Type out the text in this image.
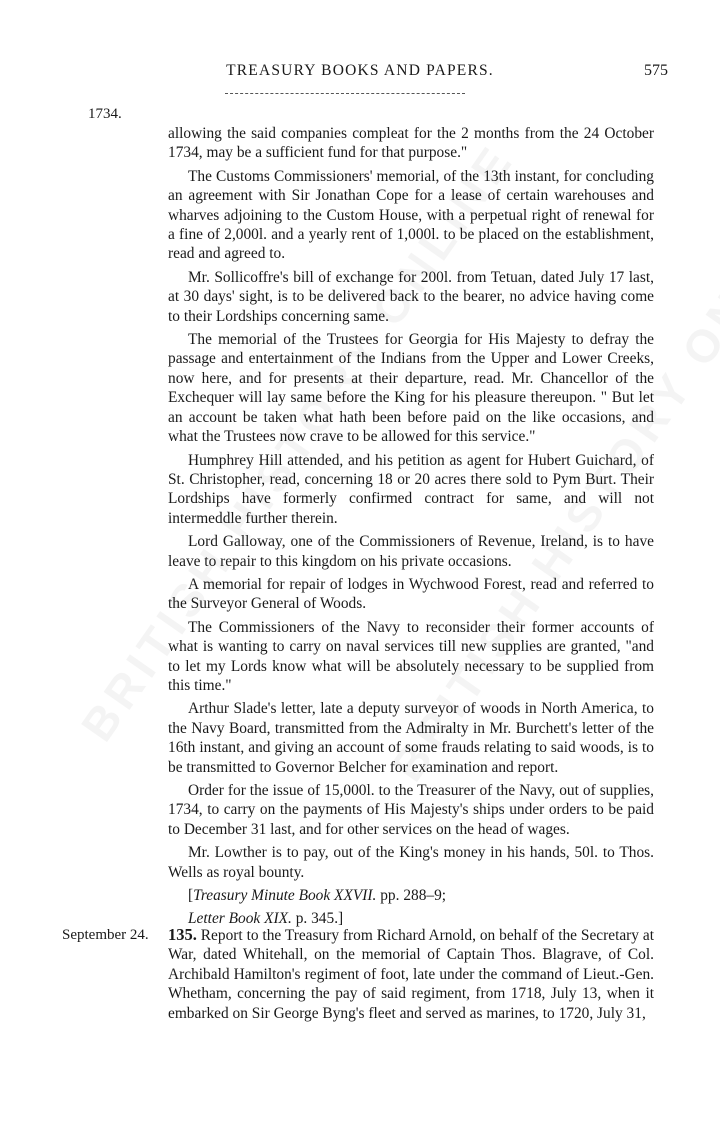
TREASURY BOOKS AND PAPERS.	575
1734.

allowing the said companies compleat for the 2 months from the 24 October 1734, may be a sufficient fund for that purpose."

The Customs Commissioners' memorial, of the 13th instant, for concluding an agreement with Sir Jonathan Cope for a lease of certain warehouses and wharves adjoining to the Custom House, with a perpetual right of renewal for a fine of 2,000l. and a yearly rent of 1,000l. to be placed on the establishment, read and agreed to.

Mr. Sollicoffre's bill of exchange for 200l. from Tetuan, dated July 17 last, at 30 days' sight, is to be delivered back to the bearer, no advice having come to their Lordships concerning same.

The memorial of the Trustees for Georgia for His Majesty to defray the passage and entertainment of the Indians from the Upper and Lower Creeks, now here, and for presents at their departure, read. Mr. Chancellor of the Exchequer will lay same before the King for his pleasure thereupon. " But let an account be taken what hath been before paid on the like occasions, and what the Trustees now crave to be allowed for this service."

Humphrey Hill attended, and his petition as agent for Hubert Guichard, of St. Christopher, read, concerning 18 or 20 acres there sold to Pym Burt. Their Lordships have formerly confirmed contract for same, and will not intermeddle further therein.

Lord Galloway, one of the Commissioners of Revenue, Ireland, is to have leave to repair to this kingdom on his private occasions.

A memorial for repair of lodges in Wychwood Forest, read and referred to the Surveyor General of Woods.

The Commissioners of the Navy to reconsider their former accounts of what is wanting to carry on naval services till new supplies are granted, "and to let my Lords know what will be absolutely necessary to be supplied from this time."

Arthur Slade's letter, late a deputy surveyor of woods in North America, to the Navy Board, transmitted from the Admiralty in Mr. Burchett's letter of the 16th instant, and giving an account of some frauds relating to said woods, is to be transmitted to Governor Belcher for examination and report.

Order for the issue of 15,000l. to the Treasurer of the Navy, out of supplies, 1734, to carry on the payments of His Majesty's ships under orders to be paid to December 31 last, and for other services on the head of wages.

Mr. Lowther is to pay, out of the King's money in his hands, 50l. to Thos. Wells as royal bounty.

[Treasury Minute Book XXVII. pp. 288–9;

Letter Book XIX. p. 345.]

September 24. 135. Report to the Treasury from Richard Arnold, on behalf of the Secretary at War, dated Whitehall, on the memorial of Captain Thos. Blagrave, of Col. Archibald Hamilton's regiment of foot, late under the command of Lieut.-Gen. Whetham, concerning the pay of said regiment, from 1718, July 13, when it embarked on Sir George Byng's fleet and served as marines, to 1720, July 31,
